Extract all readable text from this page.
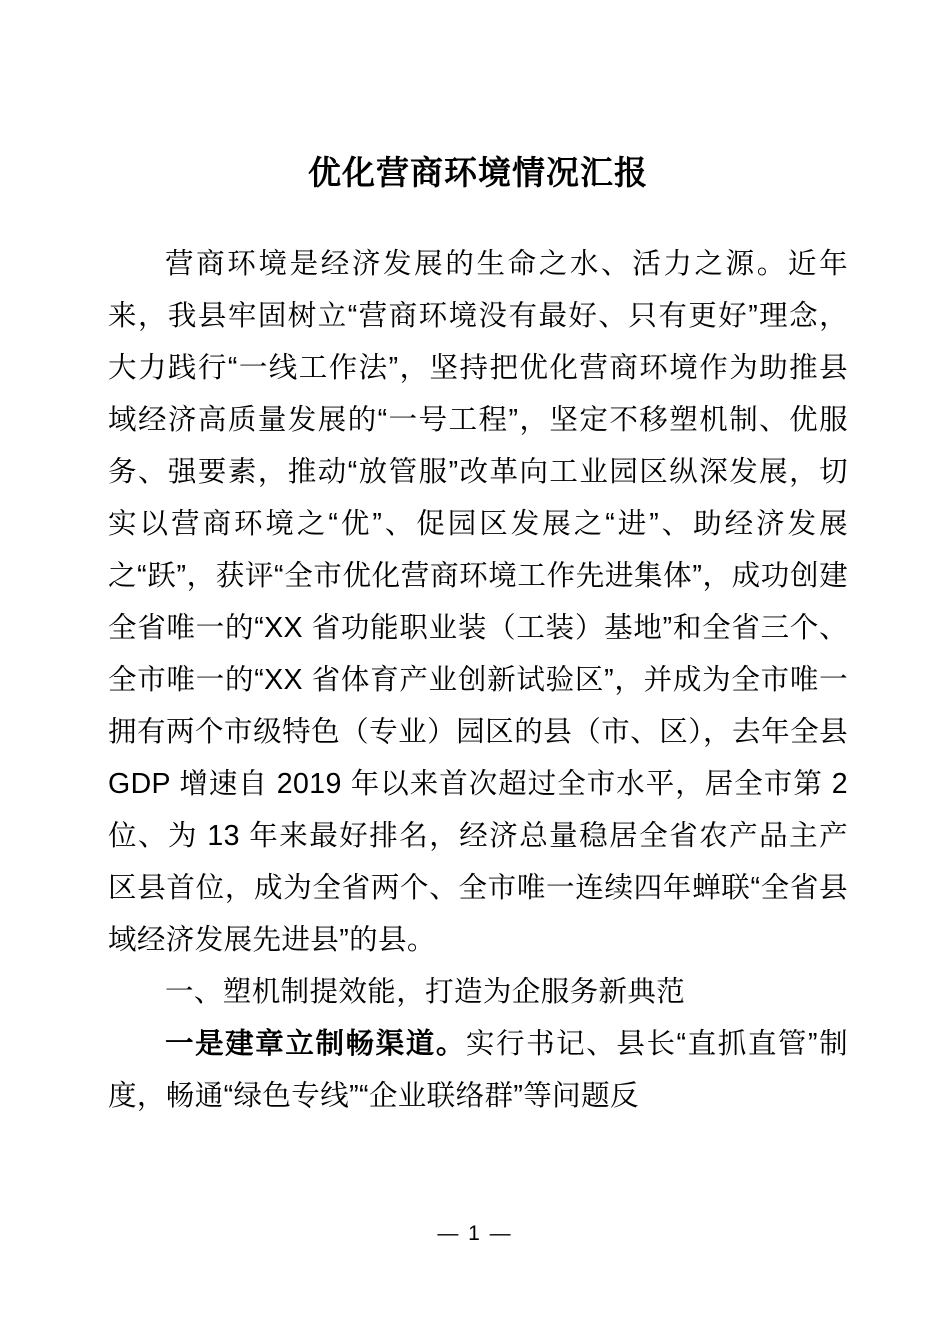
优化营商环境情况汇报

营商环境是经济发展的生命之水、活力之源。近年来，我县牢固树立“营商环境没有最好、只有更好”理念，大力践行“一线工作法”，坚持把优化营商环境作为助推县域经济高质量发展的“一号工程”，坚定不移塑机制、优服务、强要素，推动“放管服”改革向工业园区纵深发展，切实以营商环境之“优”、促园区发展之“进”、助经济发展之“跃”，获评“全市优化营商环境工作先进集体”，成功创建全省唯一的“XX 省功能职业装（工装）基地”和全省三个、全市唯一的“XX 省体育产业创新试验区”，并成为全市唯一拥有两个市级特色（专业）园区的县（市、区），去年全县 GDP 增速自 2019 年以来首次超过全市水平，居全市第 2 位、为 13 年来最好排名，经济总量稳居全省农产品主产区县首位，成为全省两个、全市唯一连续四年蝉联“全省县域经济发展先进县”的县。

一、塑机制提效能，打造为企服务新典范

一是建章立制畅渠道。实行书记、县长“直抓直管”制度，畅通“绿色专线”“企业联络群”等问题反

— 1 —
